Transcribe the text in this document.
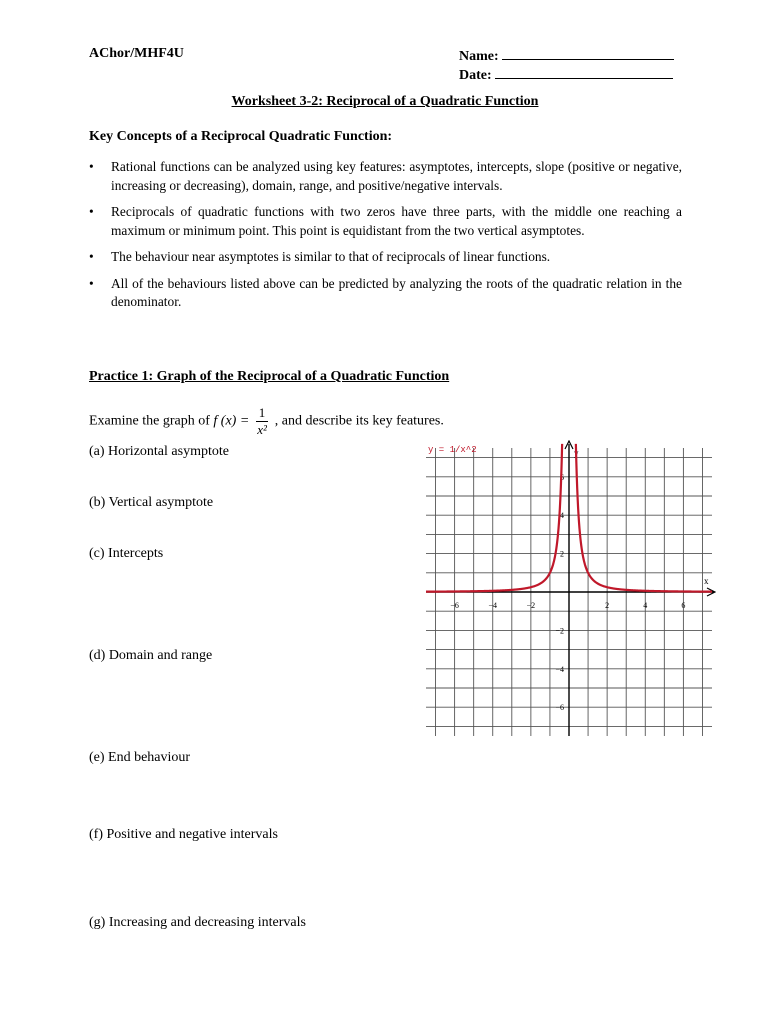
AChor/MHF4U	Name:
Date:
Worksheet 3-2: Reciprocal of a Quadratic Function
Key Concepts of a Reciprocal Quadratic Function:
• Rational functions can be analyzed using key features: asymptotes, intercepts, slope (positive or negative, increasing or decreasing), domain, range, and positive/negative intervals.
• Reciprocals of quadratic functions with two zeros have three parts, with the middle one reaching a maximum or minimum point. This point is equidistant from the two vertical asymptotes.
• The behaviour near asymptotes is similar to that of reciprocals of linear functions.
• All of the behaviours listed above can be predicted by analyzing the roots of the quadratic relation in the denominator.
Practice 1: Graph of the Reciprocal of a Quadratic Function
Examine the graph of f $(x) = \frac{1}{\text{x²}}$ , and describe its key features.
(a) Horizontal asymptote
(b) Vertical asymptote
(c) Intercepts
(d) Domain and range
(e) End behaviour
(f) Positive and negative intervals
(g) Increasing and decreasing intervals
−6	−4	−2	2	4	6
6
4
2
−2
−4
−6
x
y
y = 1/x^2
